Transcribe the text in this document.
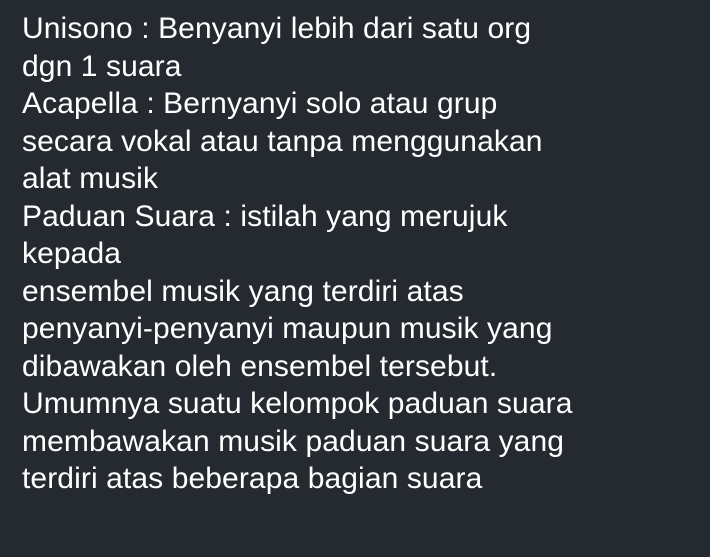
Unisono : Benyanyi lebih dari satu org
dgn 1 suara
Acapella : Bernyanyi solo atau grup
secara vokal atau tanpa menggunakan
alat musik
Paduan Suara : istilah yang merujuk
kepada
ensembel musik yang terdiri atas
penyanyi-penyanyi maupun musik yang
dibawakan oleh ensembel tersebut.
Umumnya suatu kelompok paduan suara
membawakan musik paduan suara yang
terdiri atas beberapa bagian suara
